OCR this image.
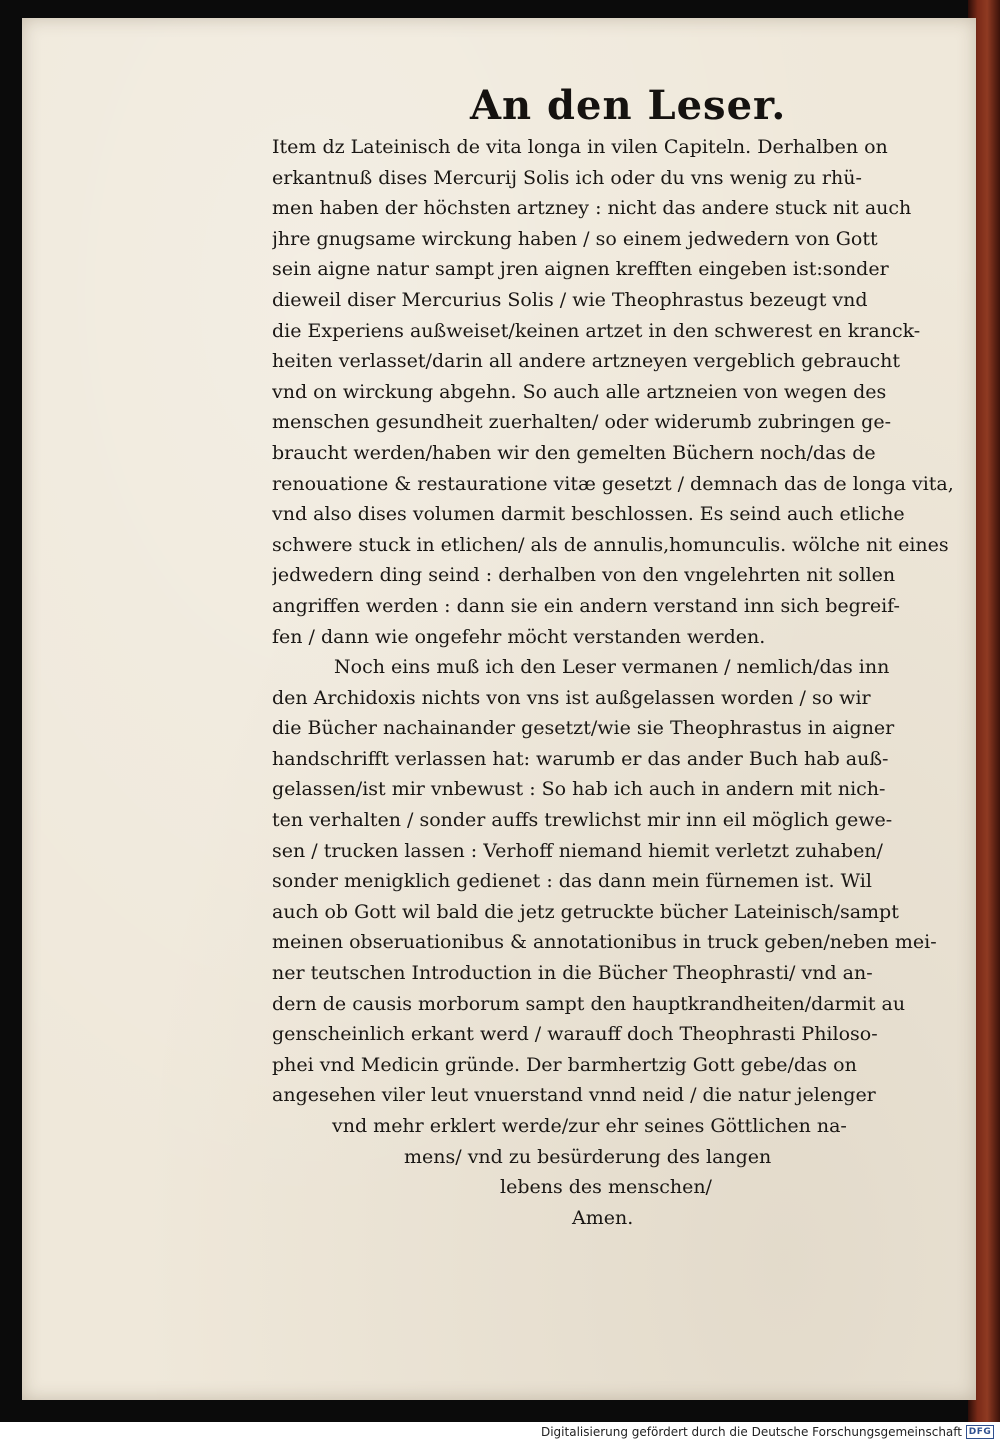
An den Leser.
Item dz Lateinisch de vita longa in vilen Capiteln. Derhalben on
erkantnuß dises Mercurij Solis ich oder du vns wenig zu rhü-
men haben der höchsten artzney : nicht das andere stuck nit auch
jhre gnugsame wirckung haben / so einem jedwedern von Gott
sein aigne natur sampt jren aignen krefften eingeben ist:sonder
dieweil diser Mercurius Solis / wie Theophrastus bezeugt vnd
die Experiens außweiset/keinen artzet in den schwerest en kranck-
heiten verlasset/darin all andere artzneyen vergeblich gebraucht
vnd on wirckung abgehn. So auch alle artzneien von wegen des
menschen gesundheit zuerhalten/ oder widerumb zubringen ge-
braucht werden/haben wir den gemelten Büchern noch/das de
renouatione & restauratione vitæ gesetzt / demnach das de longa vita,
vnd also dises volumen darmit beschlossen. Es seind auch etliche
schwere stuck in etlichen/ als de annulis,homunculis. wölche nit eines
jedwedern ding seind : derhalben von den vngelehrten nit sollen
angriffen werden : dann sie ein andern verstand inn sich begreif-
fen / dann wie ongefehr möcht verstanden werden.
Noch eins muß ich den Leser vermanen / nemlich/das inn
den Archidoxis nichts von vns ist außgelassen worden / so wir
die Bücher nachainander gesetzt/wie sie Theophrastus in aigner
handschrifft verlassen hat: warumb er das ander Buch hab auß-
gelassen/ist mir vnbewust : So hab ich auch in andern mit nich-
ten verhalten / sonder auffs trewlichst mir inn eil möglich gewe-
sen / trucken lassen : Verhoff niemand hiemit verletzt zuhaben/
sonder menigklich gedienet : das dann mein fürnemen ist. Wil
auch ob Gott wil bald die jetz getruckte bücher Lateinisch/sampt
meinen obseruationibus & annotationibus in truck geben/neben mei-
ner teutschen Introduction in die Bücher Theophrasti/ vnd an-
dern de causis morborum sampt den hauptkrandheiten/darmit au
genscheinlich erkant werd / warauff doch Theophrasti Philoso-
phei vnd Medicin gründe. Der barmhertzig Gott gebe/das on
angesehen viler leut vnuerstand vnnd neid / die natur jelenger
vnd mehr erklert werde/zur ehr seines Göttlichen na-
mens/ vnd zu besürderung des langen
lebens des menschen/
Amen.
Digitalisierung gefördert durch die Deutsche Forschungsgemeinschaft DFG
